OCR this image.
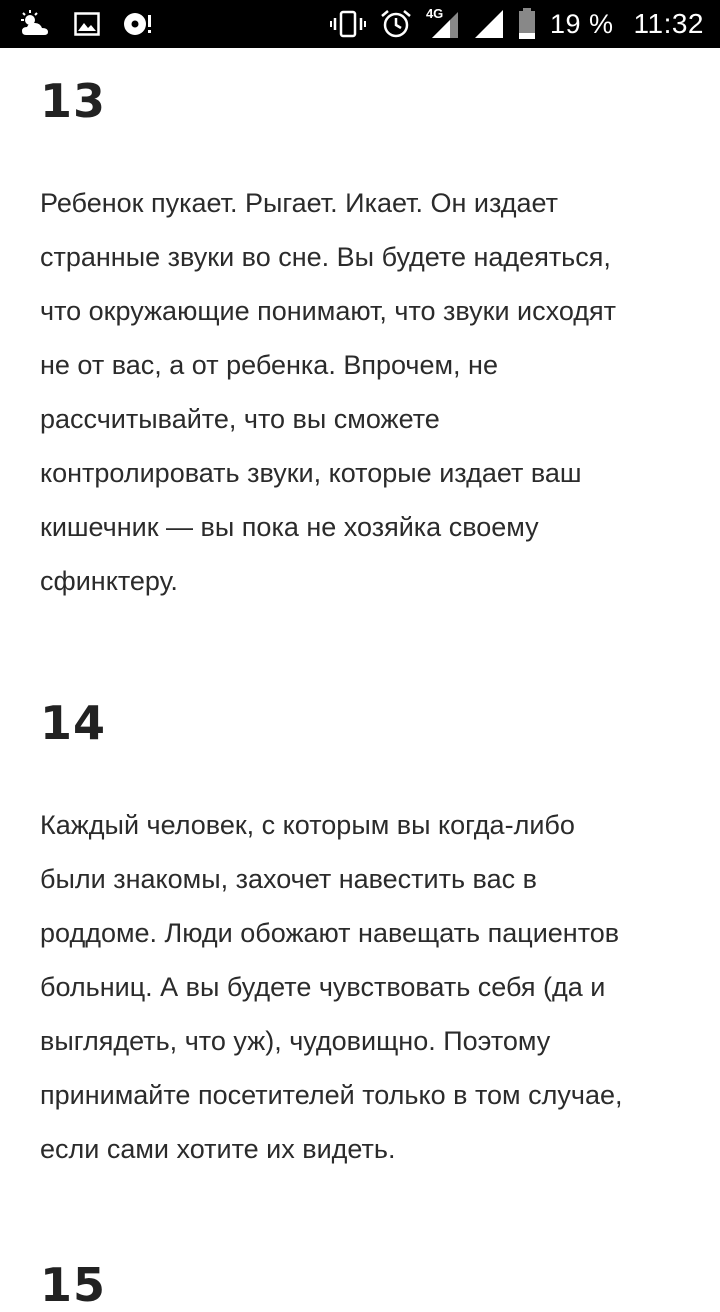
4G	19 % 11:32
13

Ребенок пукает. Рыгает. Икает. Он издает

странные звуки во сне. Вы будете надеяться,

что окружающие понимают, что звуки исходят

не от вас, а от ребенка. Впрочем, не

рассчитывайте, что вы сможете

контролировать звуки, которые издает ваш

кишечник — вы пока не хозяйка своему

сфинктеру.

14

Каждый человек, с которым вы когда-либо

были знакомы, захочет навестить вас в

роддоме. Люди обожают навещать пациентов

больниц. А вы будете чувствовать себя (да и

выглядеть, что уж), чудовищно. Поэтому

принимайте посетителей только в том случае,

если сами хотите их видеть.

15
